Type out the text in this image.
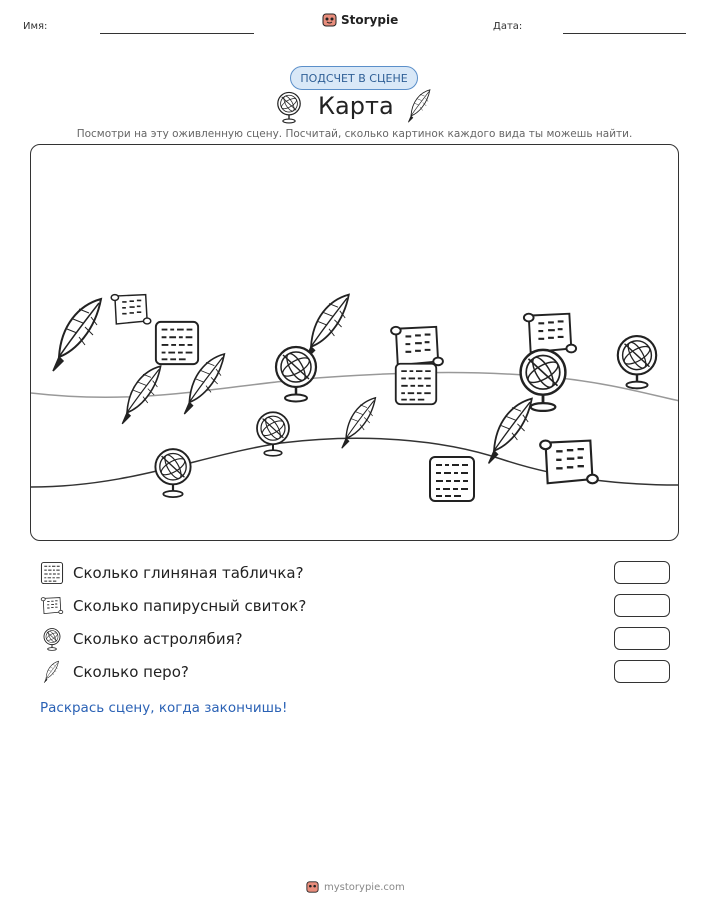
Имя:	Storypie	Дата:
ПОДСЧЕТ В СЦЕНЕ
Карта
Посмотри на эту оживленную сцену. Посчитай, сколько картинок каждого вида ты можешь найти.
Сколько глиняная табличка?
Сколько папирусный свиток?
Сколько астролябия?
Сколько перо?
Раскрась сцену, когда закончишь!
mystorypie.com
